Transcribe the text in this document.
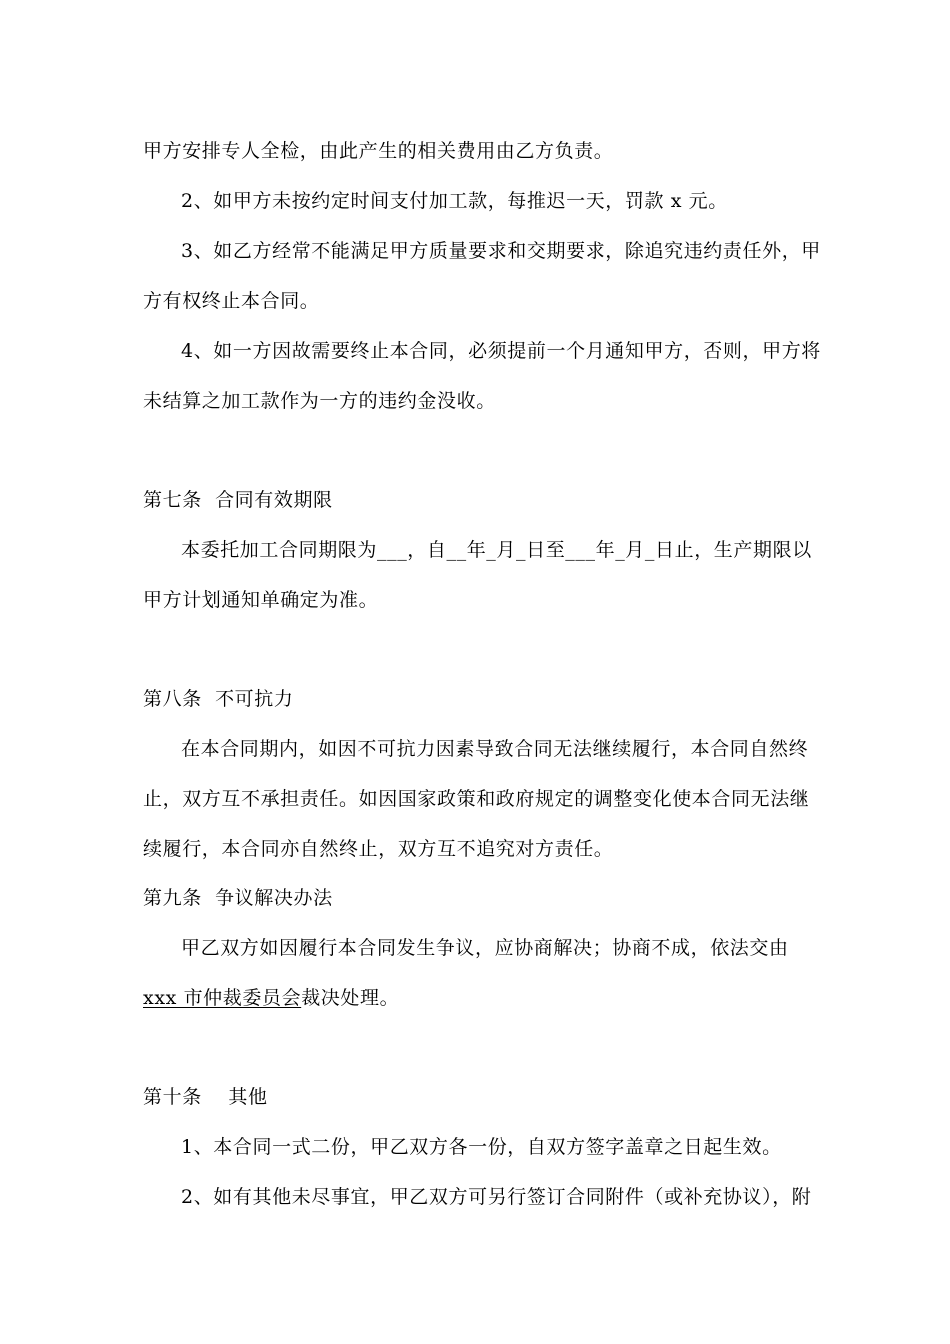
甲方安排专人全检，由此产生的相关费用由乙方负责。
2、如甲方未按约定时间支付加工款，每推迟一天，罚款 x 元。
3、如乙方经常不能满足甲方质量要求和交期要求，除追究违约责任外，甲
方有权终止本合同。
4、如一方因故需要终止本合同，必须提前一个月通知甲方，否则，甲方将
未结算之加工款作为一方的违约金没收。
第七条  合同有效期限
本委托加工合同期限为___，自__年_月_日至___年_月_日止，生产期限以
甲方计划通知单确定为准。
第八条  不可抗力
在本合同期内，如因不可抗力因素导致合同无法继续履行，本合同自然终
止，双方互不承担责任。如因国家政策和政府规定的调整变化使本合同无法继
续履行，本合同亦自然终止，双方互不追究对方责任。
第九条  争议解决办法
甲乙双方如因履行本合同发生争议，应协商解决；协商不成，依法交由
xxx 市仲裁委员会裁决处理。
第十条    其他
1、本合同一式二份，甲乙双方各一份，自双方签字盖章之日起生效。
2、如有其他未尽事宜，甲乙双方可另行签订合同附件（或补充协议），附
